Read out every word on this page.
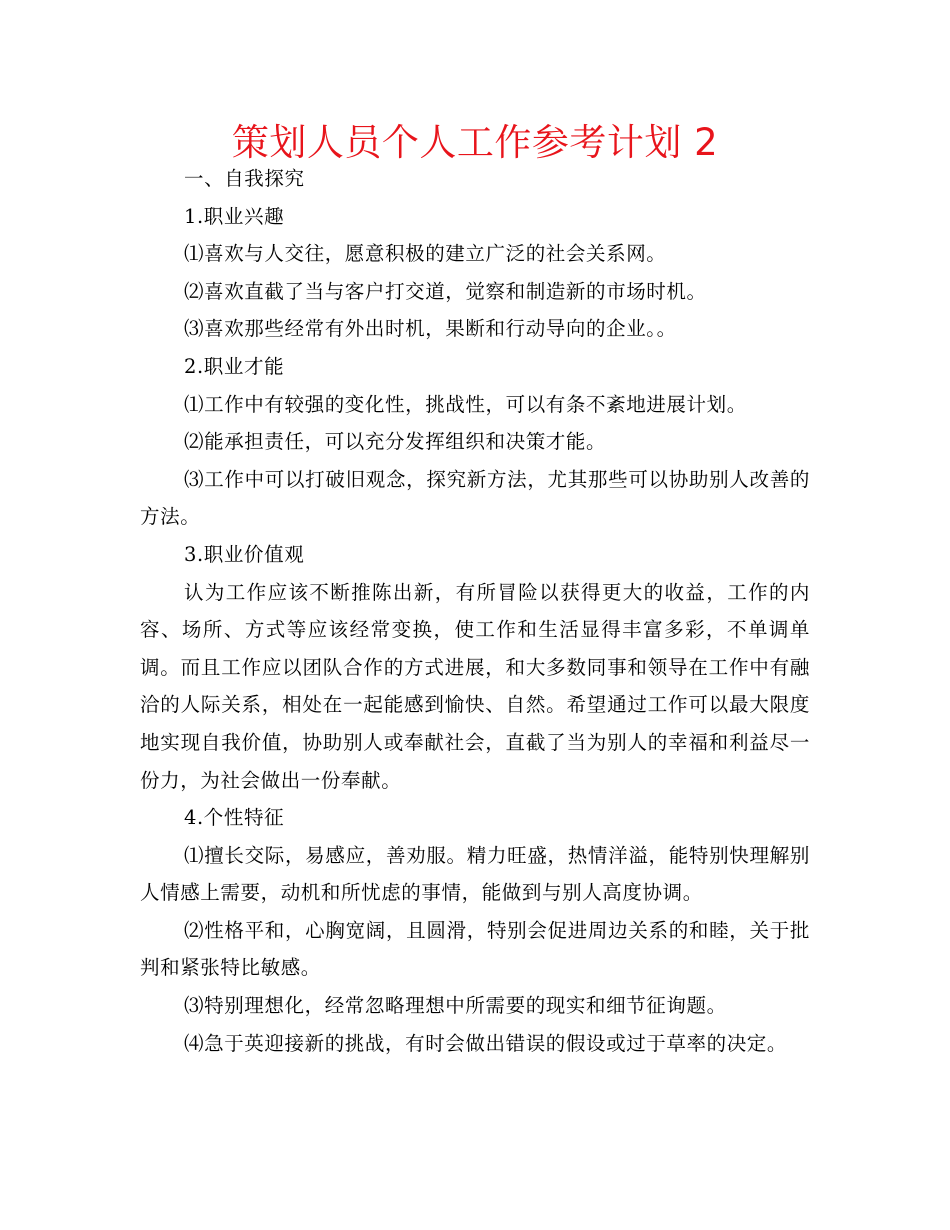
策划人员个人工作参考计划 2

一、自我探究

1.职业兴趣

⑴喜欢与人交往，愿意积极的建立广泛的社会关系网。

⑵喜欢直截了当与客户打交道，觉察和制造新的市场时机。

⑶喜欢那些经常有外出时机，果断和行动导向的企业。。

2.职业才能

⑴工作中有较强的变化性，挑战性，可以有条不紊地进展计划。

⑵能承担责任，可以充分发挥组织和决策才能。

⑶工作中可以打破旧观念，探究新方法，尤其那些可以协助别人改善的方法。

3.职业价值观

认为工作应该不断推陈出新，有所冒险以获得更大的收益，工作的内容、场所、方式等应该经常变换，使工作和生活显得丰富多彩，不单调单调。而且工作应以团队合作的方式进展，和大多数同事和领导在工作中有融洽的人际关系，相处在一起能感到愉快、自然。希望通过工作可以最大限度地实现自我价值，协助别人或奉献社会，直截了当为别人的幸福和利益尽一份力，为社会做出一份奉献。

4.个性特征

⑴擅长交际，易感应，善劝服。精力旺盛，热情洋溢，能特别快理解别人情感上需要，动机和所忧虑的事情，能做到与别人高度协调。

⑵性格平和，心胸宽阔，且圆滑，特别会促进周边关系的和睦，关于批判和紧张特比敏感。

⑶特别理想化，经常忽略理想中所需要的现实和细节征询题。

⑷急于英迎接新的挑战，有时会做出错误的假设或过于草率的决定。
